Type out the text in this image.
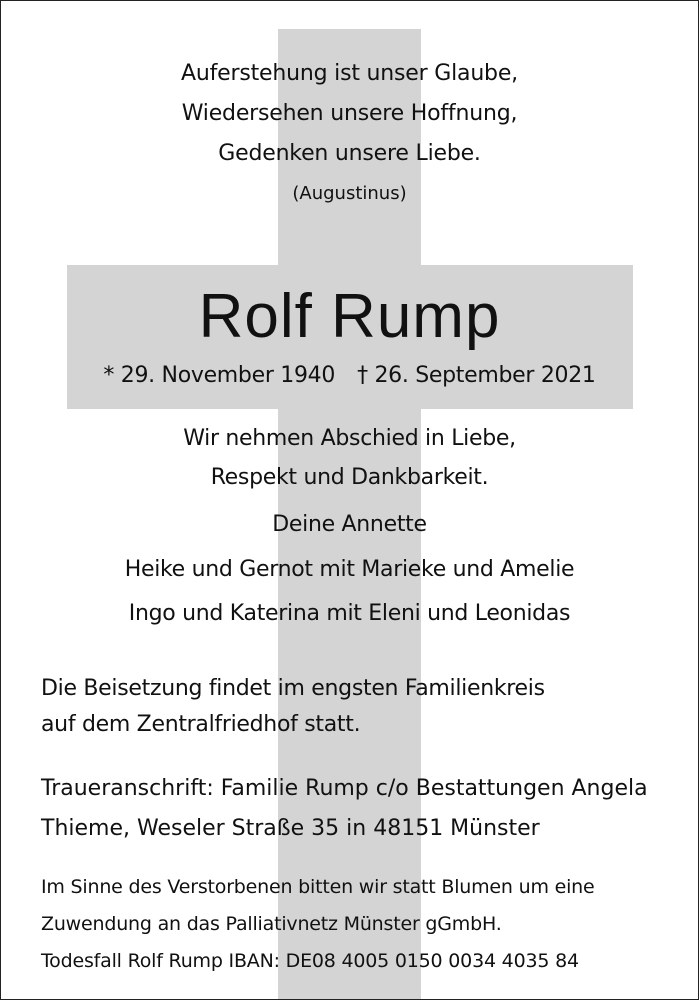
Auferstehung ist unser Glaube,
Wiedersehen unsere Hoffnung,
Gedenken unsere Liebe.
(Augustinus)
Rolf Rump
* 29. November 1940 † 26. September 2021
Wir nehmen Abschied in Liebe,
Respekt und Dankbarkeit.
Deine Annette
Heike und Gernot mit Marieke und Amelie
Ingo und Katerina mit Eleni und Leonidas
Die Beisetzung findet im engsten Familienkreis
auf dem Zentralfriedhof statt.
Traueranschrift: Familie Rump c/o Bestattungen Angela
Thieme, Weseler Straße 35 in 48151 Münster
Im Sinne des Verstorbenen bitten wir statt Blumen um eine
Zuwendung an das Palliativnetz Münster gGmbH.
Todesfall Rolf Rump IBAN: DE08 4005 0150 0034 4035 84
